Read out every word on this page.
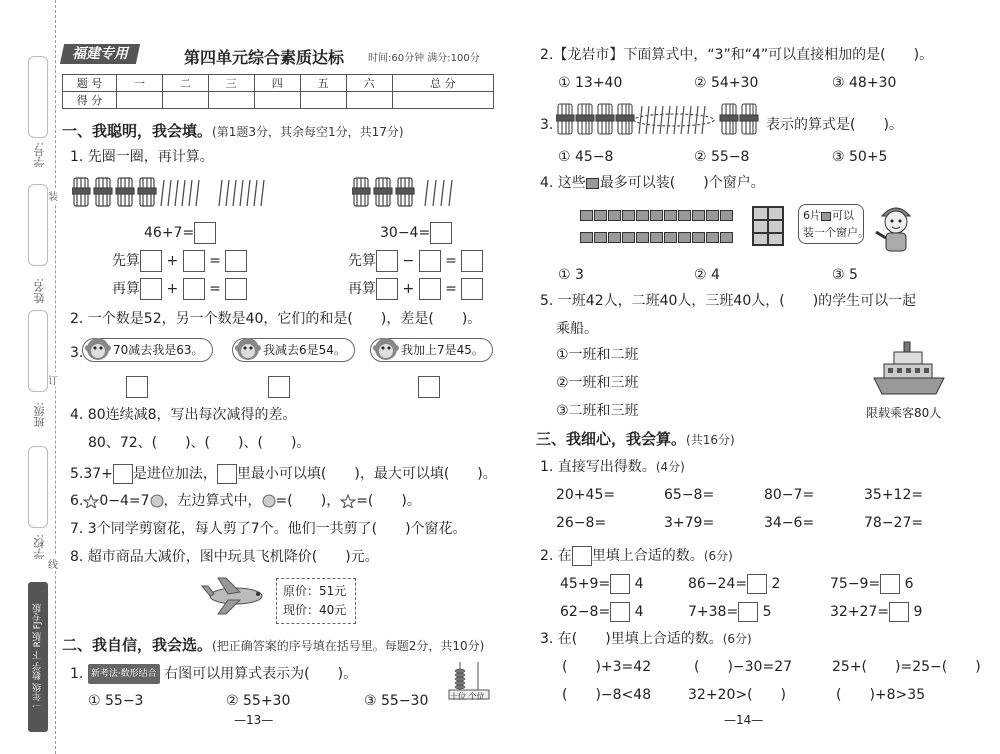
学号:
姓名:
班级:
学校:
装
订
线
一年级 数学 下 R版 FJ专版
福建专用	第四单元综合素质达标 时间:60分钟 满分:100分
题 号	一	二	三	四	五	六	总 分
得 分							
一、我聪明，我会填。(第1题3分，其余每空1分，共17分)
1. 先圈一圈，再计算。
46+7=	30−4=
先算 + =
再算 + =
先算 − =
再算 + =
2. 一个数是52，另一个数是40，它们的和是(　　)，差是(　　)。
3.	70减去我是63。	我减去6是54。	我加上7是45。
4. 80连续减8，写出每次减得的差。
80、72、(　　)、(　　)、(　　)。
5.37+ 是进位加法， 里最小可以填(　　)，最大可以填(　　)。
6. 0−4=7 ，左边算式中， =(　　)， =(　　)。
7. 3个同学剪窗花，每人剪了7个。他们一共剪了(　　)个窗花。
8. 超市商品大减价，图中玩具飞机降价(　　)元。
原价：51元
现价：40元
二、我自信，我会选。(把正确答案的序号填在括号里。每题2分，共10分)
1. 新考法·数形结合 右图可以用算式表示为(　　)。
① 55−3	② 55+30	③ 55−30	十位 个位
—13—
2.【龙岩市】下面算式中，“3”和“4”可以直接相加的是(　　)。
① 13+40	② 54+30	③ 48+30
3.	表示的算式是(　　)。
① 45−8	② 55−8	③ 50+5
4. 这些 最多可以装(　　)个窗户。
6片 可以
装一个窗户。
① 3	② 4	③ 5
5. 一班42人，二班40人，三班40人，(　　)的学生可以一起
乘船。
①一班和二班
②一班和三班
③二班和三班	限载乘客80人
三、我细心，我会算。(共16分)
1. 直接写出得数。(4分)
20+45=	65−8=	80−7=	35+12=
26−8=	3+79=	34−6=	78−27=
2. 在 里填上合适的数。(6分)
45+9= 4	86−24= 2	75−9= 6
62−8= 4	7+38= 5	32+27= 9
3. 在(　　)里填上合适的数。(6分)
(　　)+3=42	(　　)−30=27	25+(　　)=25−(　　)
(　　)−8<48	32+20>(　　)	(　　)+8>35
—14—
